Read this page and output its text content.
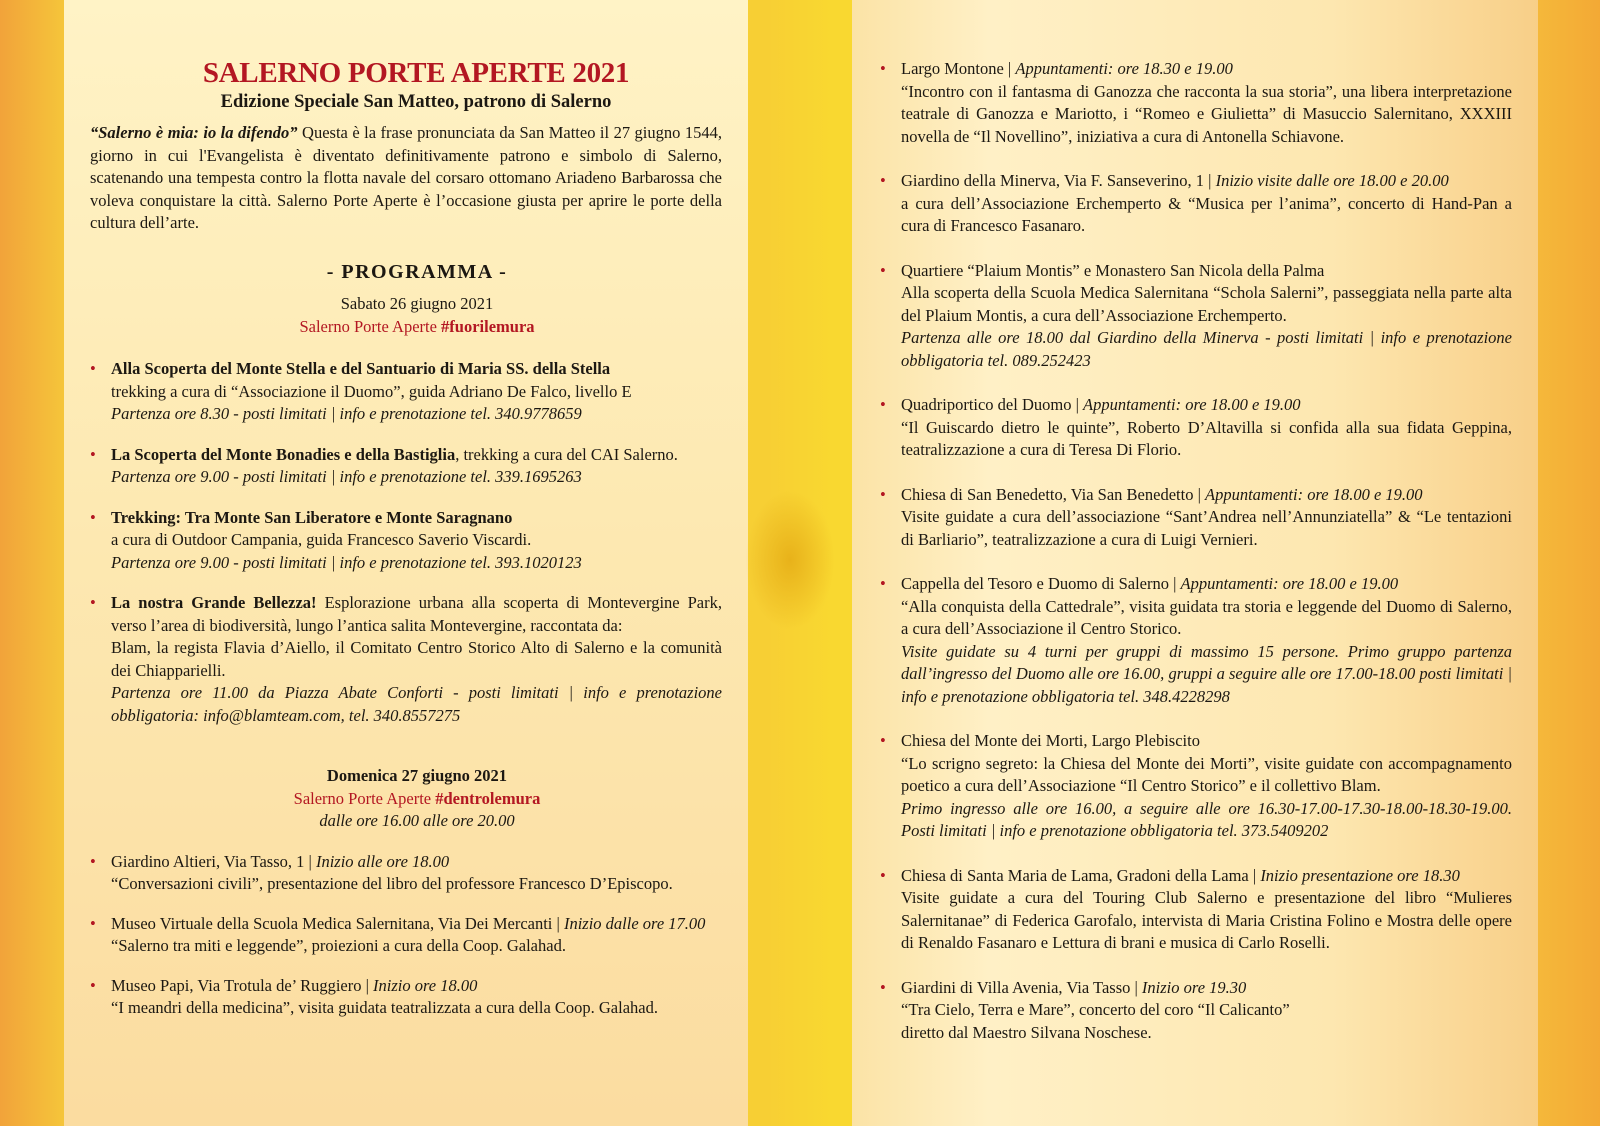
SALERNO PORTE APERTE 2021
Edizione Speciale San Matteo, patrono di Salerno
“Salerno è mia: io la difendo” Questa è la frase pronunciata da San Matteo il 27 giugno 1544, giorno in cui l'Evangelista è diventato definitivamente patrono e simbolo di Salerno, scatenando una tempesta contro la flotta navale del corsaro ottomano Ariadeno Barbarossa che voleva conquistare la città. Salerno Porte Aperte è l’occasione giusta per aprire le porte della cultura dell’arte.
- PROGRAMMA -
Sabato 26 giugno 2021
Salerno Porte Aperte #fuorilemura
• Alla Scoperta del Monte Stella e del Santuario di Maria SS. della Stella
trekking a cura di “Associazione il Duomo”, guida Adriano De Falco, livello E
Partenza ore 8.30 - posti limitati | info e prenotazione tel. 340.9778659
• La Scoperta del Monte Bonadies e della Bastiglia, trekking a cura del CAI Salerno.
Partenza ore 9.00 - posti limitati | info e prenotazione tel. 339.1695263
• Trekking: Tra Monte San Liberatore e Monte Saragnano
a cura di Outdoor Campania, guida Francesco Saverio Viscardi.
Partenza ore 9.00 - posti limitati | info e prenotazione tel. 393.1020123
• La nostra Grande Bellezza! Esplorazione urbana alla scoperta di Montevergine Park, verso l’area di biodiversità, lungo l’antica salita Montevergine, raccontata da:
Blam, la regista Flavia d’Aiello, il Comitato Centro Storico Alto di Salerno e la comunità dei Chiapparielli.
Partenza ore 11.00 da Piazza Abate Conforti - posti limitati | info e prenotazione obbligatoria: info@blamteam.com, tel. 340.8557275
Domenica 27 giugno 2021
Salerno Porte Aperte #dentrolemura
dalle ore 16.00 alle ore 20.00
• Giardino Altieri, Via Tasso, 1 | Inizio alle ore 18.00
“Conversazioni civili”, presentazione del libro del professore Francesco D’Episcopo.
• Museo Virtuale della Scuola Medica Salernitana, Via Dei Mercanti | Inizio dalle ore 17.00
“Salerno tra miti e leggende”, proiezioni a cura della Coop. Galahad.
• Museo Papi, Via Trotula de’ Ruggiero | Inizio ore 18.00
“I meandri della medicina”, visita guidata teatralizzata a cura della Coop. Galahad.
• Largo Montone | Appuntamenti: ore 18.30 e 19.00
“Incontro con il fantasma di Ganozza che racconta la sua storia”, una libera interpretazione teatrale di Ganozza e Mariotto, i “Romeo e Giulietta” di Masuccio Salernitano, XXXIII novella de “Il Novellino”, iniziativa a cura di Antonella Schiavone.
• Giardino della Minerva, Via F. Sanseverino, 1 | Inizio visite dalle ore 18.00 e 20.00
a cura dell’Associazione Erchemperto & “Musica per l’anima”, concerto di Hand-Pan a cura di Francesco Fasanaro.
• Quartiere “Plaium Montis” e Monastero San Nicola della Palma
Alla scoperta della Scuola Medica Salernitana “Schola Salerni”, passeggiata nella parte alta del Plaium Montis, a cura dell’Associazione Erchemperto.
Partenza alle ore 18.00 dal Giardino della Minerva - posti limitati | info e prenotazione obbligatoria tel. 089.252423
• Quadriportico del Duomo | Appuntamenti: ore 18.00 e 19.00
“Il Guiscardo dietro le quinte”, Roberto D’Altavilla si confida alla sua fidata Geppina, teatralizzazione a cura di Teresa Di Florio.
• Chiesa di San Benedetto, Via San Benedetto | Appuntamenti: ore 18.00 e 19.00
Visite guidate a cura dell’associazione “Sant’Andrea nell’Annunziatella” & “Le tentazioni di Barliario”, teatralizzazione a cura di Luigi Vernieri.
• Cappella del Tesoro e Duomo di Salerno | Appuntamenti: ore 18.00 e 19.00
“Alla conquista della Cattedrale”, visita guidata tra storia e leggende del Duomo di Salerno, a cura dell’Associazione il Centro Storico.
Visite guidate su 4 turni per gruppi di massimo 15 persone. Primo gruppo partenza dall’ingresso del Duomo alle ore 16.00, gruppi a seguire alle ore 17.00-18.00 posti limitati | info e prenotazione obbligatoria tel. 348.4228298
• Chiesa del Monte dei Morti, Largo Plebiscito
“Lo scrigno segreto: la Chiesa del Monte dei Morti”, visite guidate con accompagnamento poetico a cura dell’Associazione “Il Centro Storico” e il collettivo Blam.
Primo ingresso alle ore 16.00, a seguire alle ore 16.30-17.00-17.30-18.00-18.30-19.00. Posti limitati | info e prenotazione obbligatoria tel. 373.5409202
• Chiesa di Santa Maria de Lama, Gradoni della Lama | Inizio presentazione ore 18.30
Visite guidate a cura del Touring Club Salerno e presentazione del libro “Mulieres Salernitanae” di Federica Garofalo, intervista di Maria Cristina Folino e Mostra delle opere di Renaldo Fasanaro e Lettura di brani e musica di Carlo Roselli.
• Giardini di Villa Avenia, Via Tasso | Inizio ore 19.30
“Tra Cielo, Terra e Mare”, concerto del coro “Il Calicanto”
diretto dal Maestro Silvana Noschese.
